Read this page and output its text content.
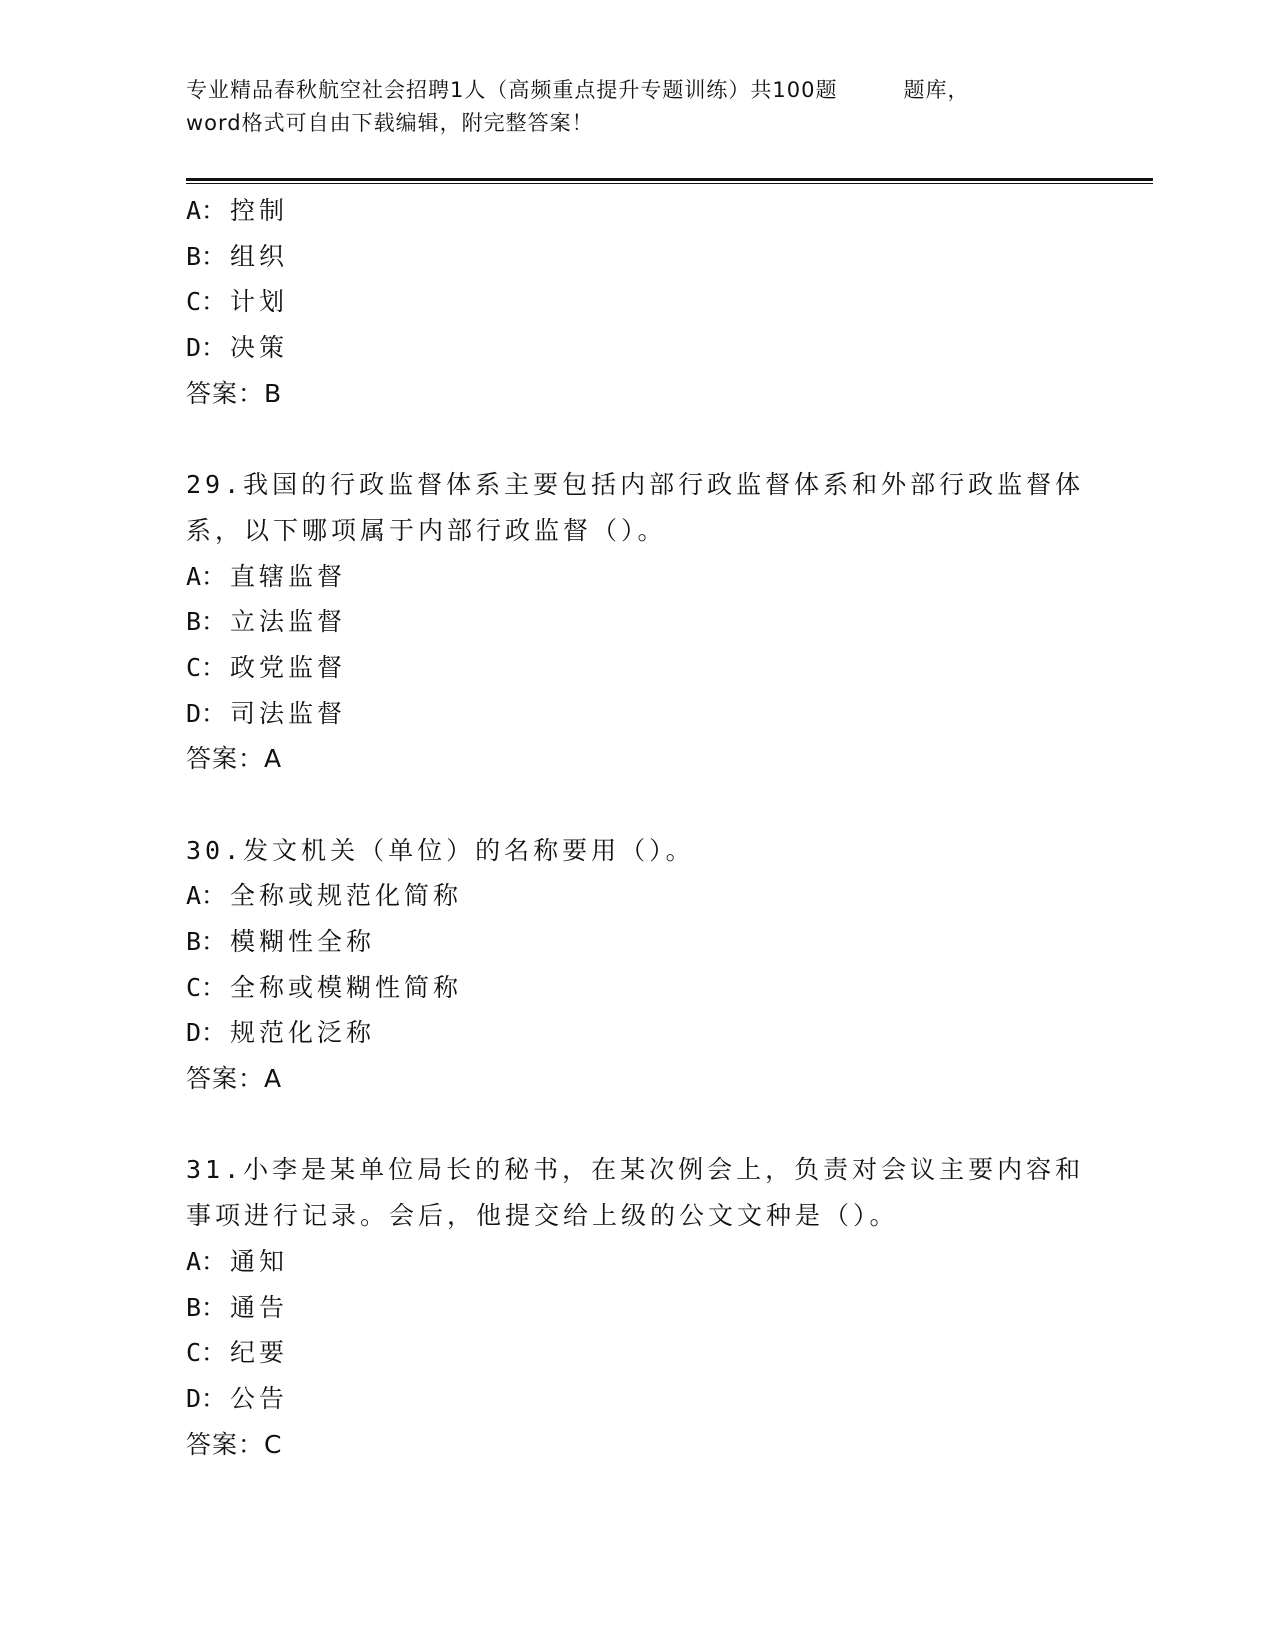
专业精品春秋航空社会招聘1人（高频重点提升专题训练）共100题	题库，
word格式可自由下载编辑，附完整答案！
A： 控制
B： 组织
C： 计划
D： 决策
答案：B
29.我国的行政监督体系主要包括内部行政监督体系和外部行政监督体
系，以下哪项属于内部行政监督（）。
A： 直辖监督
B： 立法监督
C： 政党监督
D： 司法监督
答案：A
30.发文机关（单位）的名称要用（）。
A： 全称或规范化简称
B： 模糊性全称
C： 全称或模糊性简称
D： 规范化泛称
答案：A
31.小李是某单位局长的秘书，在某次例会上，负责对会议主要内容和
事项进行记录。会后，他提交给上级的公文文种是（）。
A： 通知
B： 通告
C： 纪要
D： 公告
答案：C
